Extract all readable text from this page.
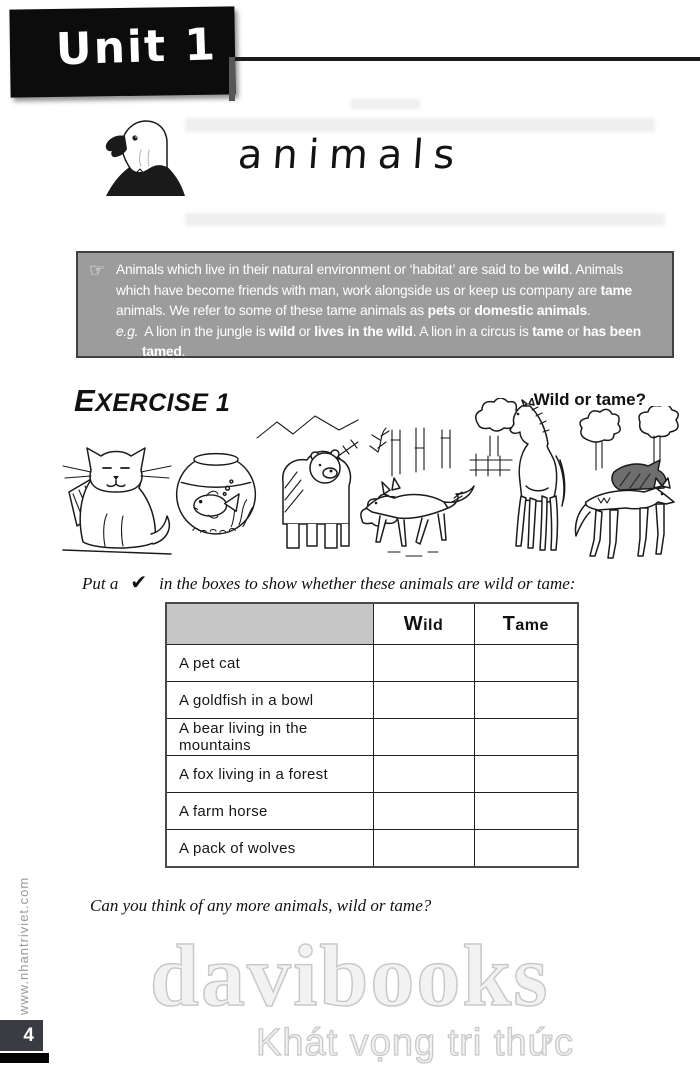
Unit 1
animals
☞ Animals which live in their natural environment or ‘habitat’ are said to be wild. Animals which have become friends with man, work alongside us or keep us company are tame animals. We refer to some of these tame animals as pets or domestic animals.
e.g. A lion in the jungle is wild or lives in the wild. A lion in a circus is tame or has been tamed.
EXERCISE 1	Wild or tame?
Put a ✔ in the boxes to show whether these animals are wild or tame:

	Wild	Tame

A pet cat		
A goldfish in a bowl		
A bear living in the mountains		
A fox living in a forest		
A farm horse		
A pack of wolves		
Can you think of any more animals, wild or tame?
davibooks
Khát vọng tri thức
www.nhantriviet.com
4
